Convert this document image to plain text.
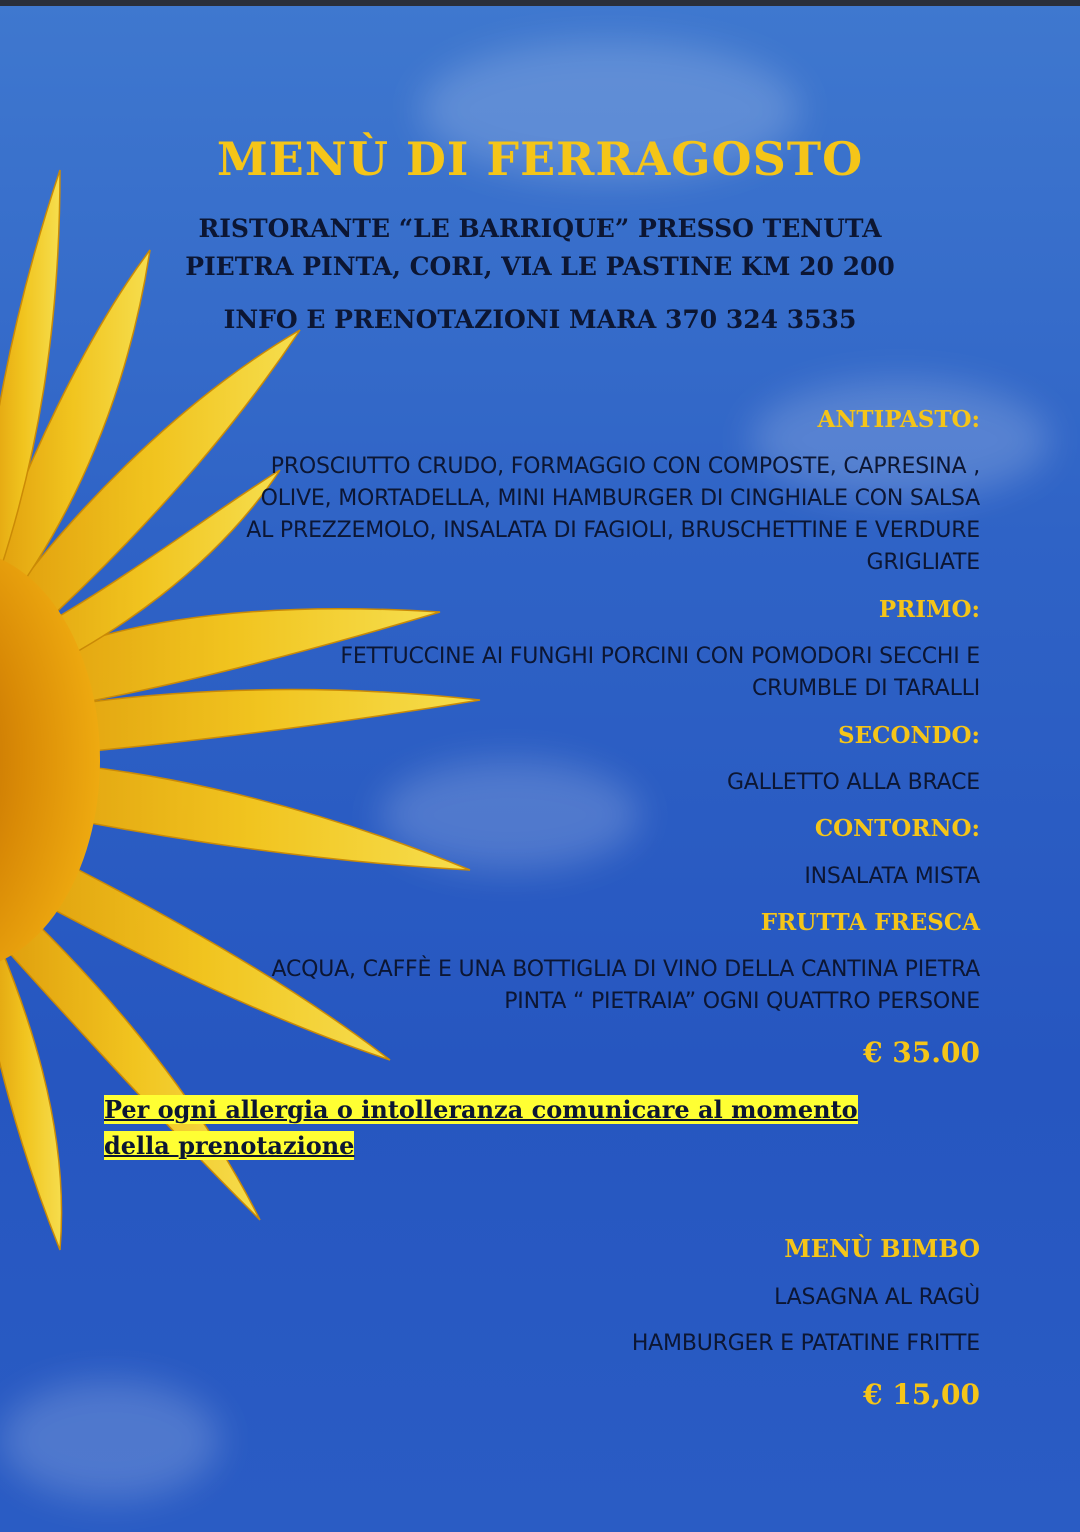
MENÙ DI FERRAGOSTO
RISTORANTE “LE BARRIQUE” PRESSO TENUTA
PIETRA PINTA, CORI, VIA LE PASTINE KM 20 200
INFO E PRENOTAZIONI MARA 370 324 3535
ANTIPASTO:
PROSCIUTTO CRUDO, FORMAGGIO CON COMPOSTE, CAPRESINA ,
OLIVE, MORTADELLA, MINI HAMBURGER DI CINGHIALE CON SALSA
AL PREZZEMOLO, INSALATA DI FAGIOLI, BRUSCHETTINE E VERDURE
GRIGLIATE
PRIMO:
FETTUCCINE AI FUNGHI PORCINI CON POMODORI SECCHI E
CRUMBLE DI TARALLI
SECONDO:
GALLETTO ALLA BRACE
CONTORNO:
INSALATA MISTA
FRUTTA FRESCA
ACQUA, CAFFÈ E UNA BOTTIGLIA DI VINO DELLA CANTINA PIETRA
PINTA “ PIETRAIA” OGNI QUATTRO PERSONE
€ 35.00
Per ogni allergia o intolleranza comunicare al momento
della prenotazione
MENÙ BIMBO
LASAGNA AL RAGÙ
HAMBURGER E PATATINE FRITTE
€ 15,00
